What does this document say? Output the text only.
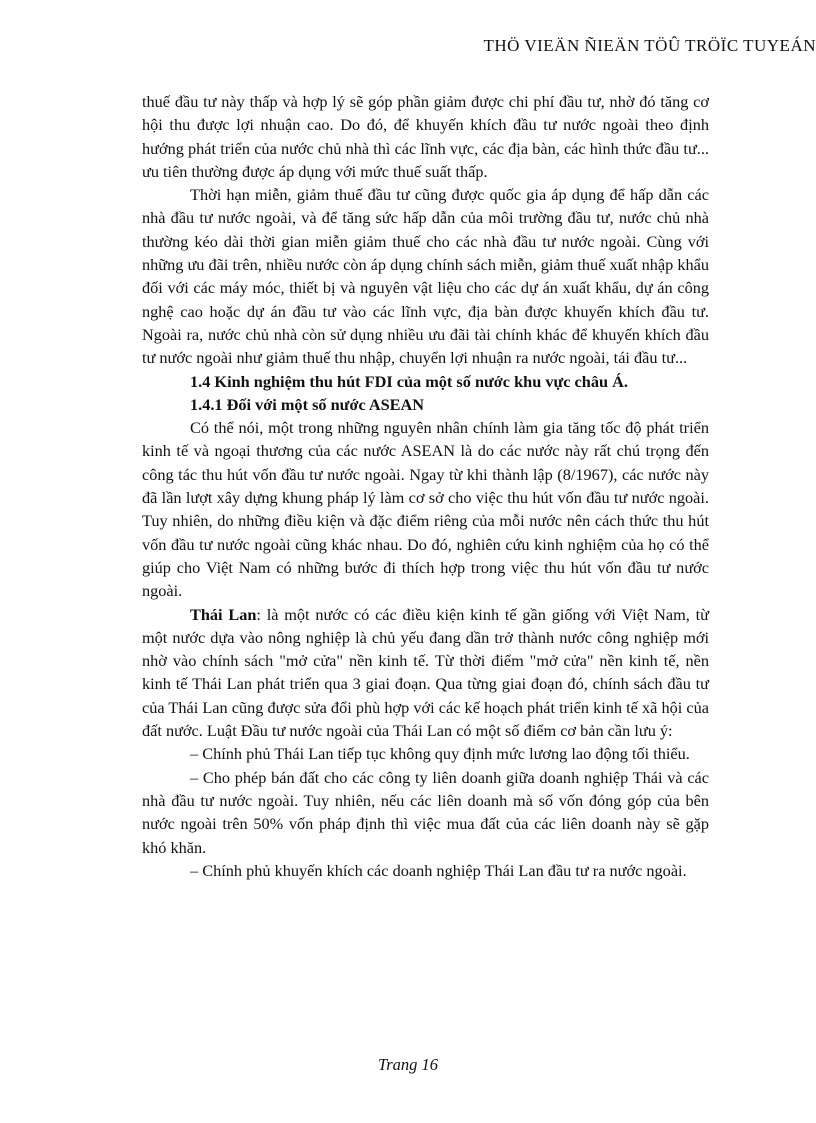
THÖ VIEÄN ÑIEÄN TÖÛ TRÖÏC TUYEÁN

thuế đầu tư này thấp và hợp lý sẽ góp phần giảm được chi phí đầu tư, nhờ đó tăng cơ hội thu được lợi nhuận cao. Do đó, để khuyến khích đầu tư nước ngoài theo định hướng phát triển của nước chủ nhà thì các lĩnh vực, các địa bàn, các hình thức đầu tư... ưu tiên thường được áp dụng với mức thuế suất thấp.

Thời hạn miễn, giảm thuế đầu tư cũng được quốc gia áp dụng để hấp dẫn các nhà đầu tư nước ngoài, và để tăng sức hấp dẫn của môi trường đầu tư, nước chủ nhà thường kéo dài thời gian miễn giảm thuế cho các nhà đầu tư nước ngoài. Cùng với những ưu đãi trên, nhiều nước còn áp dụng chính sách miễn, giảm thuế xuất nhập khẩu đối với các máy móc, thiết bị và nguyên vật liệu cho các dự án xuất khẩu, dự án công nghệ cao hoặc dự án đầu tư vào các lĩnh vực, địa bàn được khuyến khích đầu tư. Ngoài ra, nước chủ nhà còn sử dụng nhiều ưu đãi tài chính khác để khuyến khích đầu tư nước ngoài như giảm thuế thu nhập, chuyển lợi nhuận ra nước ngoài, tái đầu tư...

1.4 Kinh nghiệm thu hút FDI của một số nước khu vực châu Á.

1.4.1 Đối với một số nước ASEAN

Có thể nói, một trong những nguyên nhân chính làm gia tăng tốc độ phát triển kinh tế và ngoại thương của các nước ASEAN là do các nước này rất chú trọng đến công tác thu hút vốn đầu tư nước ngoài. Ngay từ khi thành lập (8/1967), các nước này đã lần lượt xây dựng khung pháp lý làm cơ sở cho việc thu hút vốn đầu tư nước ngoài. Tuy nhiên, do những điều kiện và đặc điểm riêng của mỗi nước nên cách thức thu hút vốn đầu tư nước ngoài cũng khác nhau. Do đó, nghiên cứu kinh nghiệm của họ có thể giúp cho Việt Nam có những bước đi thích hợp trong việc thu hút vốn đầu tư nước ngoài.

Thái Lan: là một nước có các điều kiện kinh tế gần giống với Việt Nam, từ một nước dựa vào nông nghiệp là chủ yếu đang dần trở thành nước công nghiệp mới nhờ vào chính sách "mở cửa" nền kinh tế. Từ thời điểm "mở cửa" nền kinh tế, nền kinh tế Thái Lan phát triển qua 3 giai đoạn. Qua từng giai đoạn đó, chính sách đầu tư của Thái Lan cũng được sửa đổi phù hợp với các kế hoạch phát triển kinh tế xã hội của đất nước. Luật Đầu tư nước ngoài của Thái Lan có một số điểm cơ bản cần lưu ý:

– Chính phủ Thái Lan tiếp tục không quy định mức lương lao động tối thiểu.

– Cho phép bán đất cho các công ty liên doanh giữa doanh nghiệp Thái và các nhà đầu tư nước ngoài. Tuy nhiên, nếu các liên doanh mà số vốn đóng góp của bên nước ngoài trên 50% vốn pháp định thì việc mua đất của các liên doanh này sẽ gặp khó khăn.

– Chính phủ khuyến khích các doanh nghiệp Thái Lan đầu tư ra nước ngoài.

Trang 16
